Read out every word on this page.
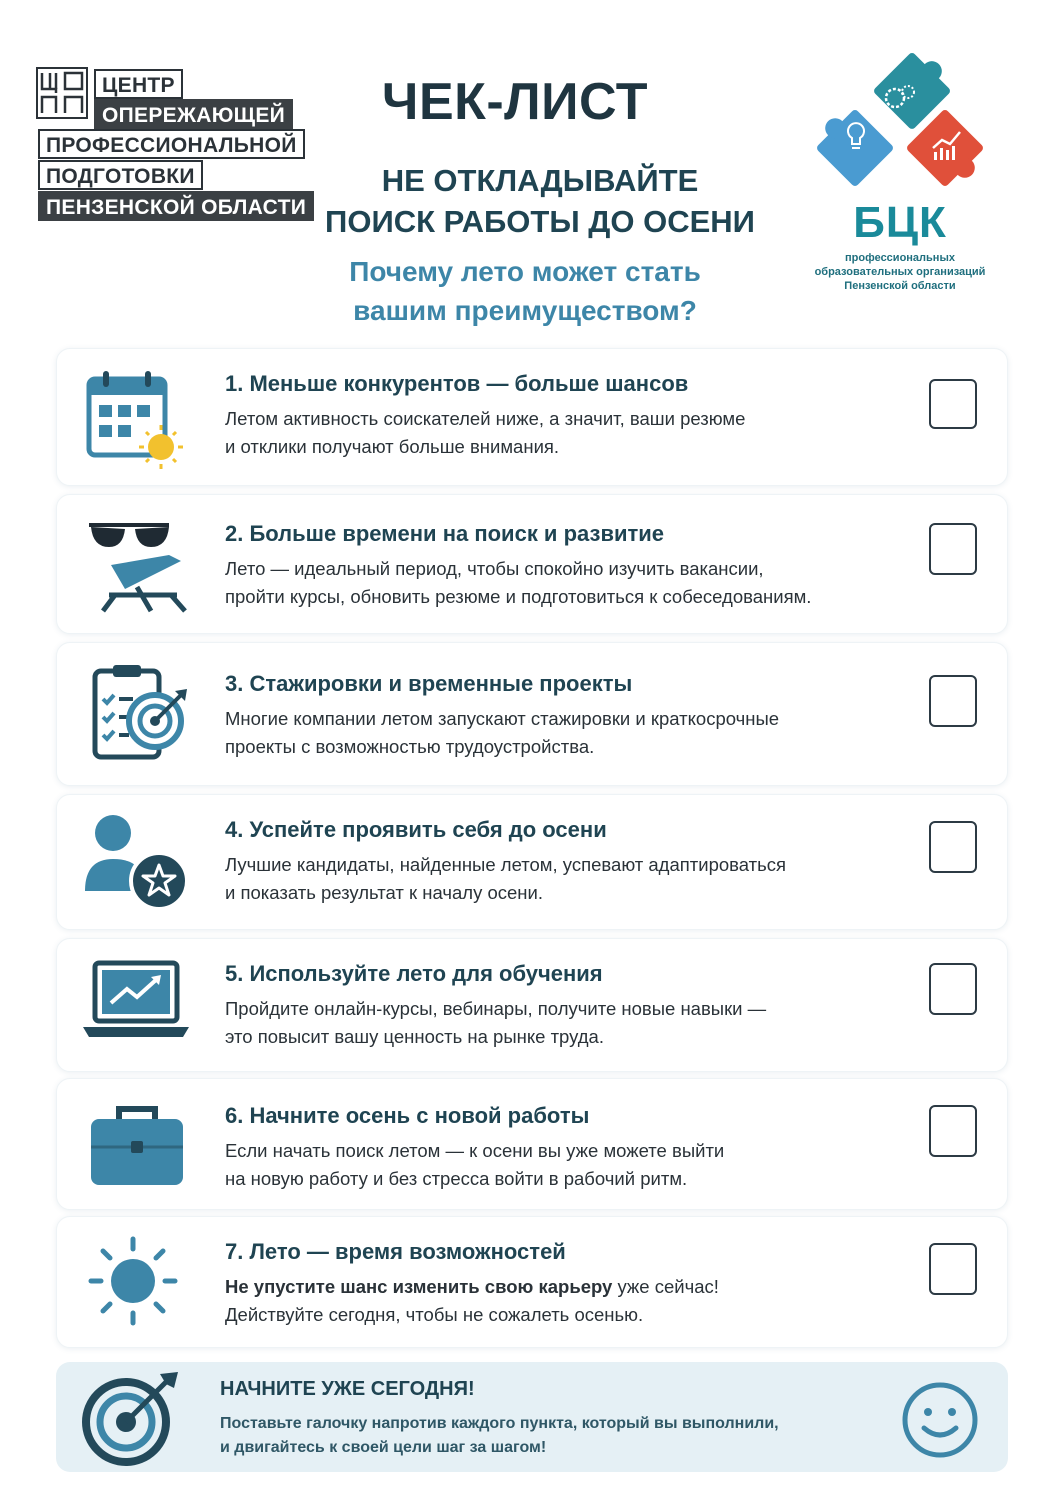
ЦЕНТР
ОПЕРЕЖАЮЩЕЙ
ПРОФЕССИОНАЛЬНОЙ
ПОДГОТОВКИ
ПЕНЗЕНСКОЙ ОБЛАСТИ
ЧЕК-ЛИСТ
НЕ ОТКЛАДЫВАЙТЕ
ПОИСК РАБОТЫ ДО ОСЕНИ
Почему лето может стать
вашим преимуществом?
БЦК
профессиональных
образовательных организаций
Пензенской области
1. Меньше конкурентов — больше шансов
Летом активность соискателей ниже, а значит, ваши резюме
и отклики получают больше внимания.
2. Больше времени на поиск и развитие
Лето — идеальный период, чтобы спокойно изучить вакансии,
пройти курсы, обновить резюме и подготовиться к собеседованиям.
3. Стажировки и временные проекты
Многие компании летом запускают стажировки и краткосрочные
проекты с возможностью трудоустройства.
4. Успейте проявить себя до осени
Лучшие кандидаты, найденные летом, успевают адаптироваться
и показать результат к началу осени.
5. Используйте лето для обучения
Пройдите онлайн-курсы, вебинары, получите новые навыки —
это повысит вашу ценность на рынке труда.
6. Начните осень с новой работы
Если начать поиск летом — к осени вы уже можете выйти
на новую работу и без стресса войти в рабочий ритм.
7. Лето — время возможностей
Не упустите шанс изменить свою карьеру уже сейчас!
Действуйте сегодня, чтобы не сожалеть осенью.
НАЧНИТЕ УЖЕ СЕГОДНЯ!
Поставьте галочку напротив каждого пункта, который вы выполнили,
и двигайтесь к своей цели шаг за шагом!
